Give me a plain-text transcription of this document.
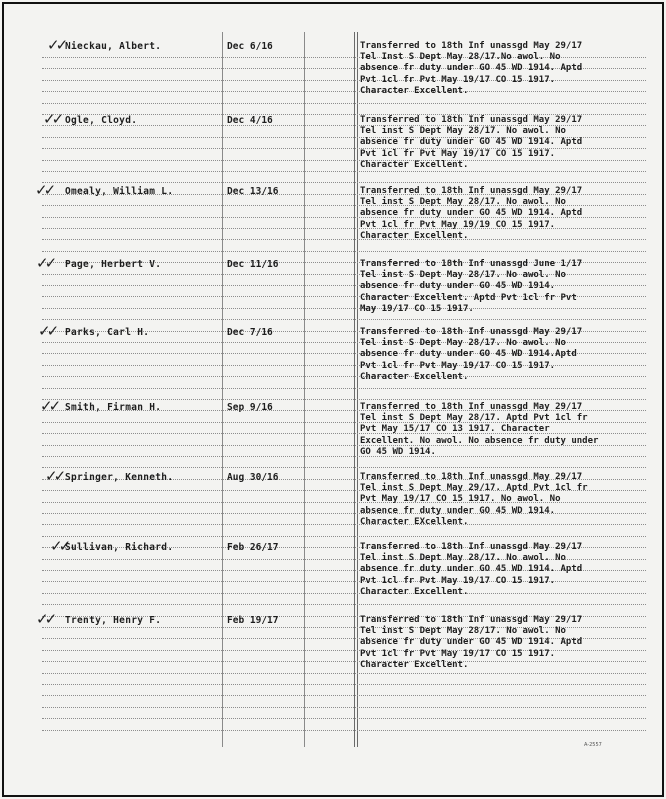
✓✓ Nieckau, Albert.	Dec 6/16	Transferred to 18th Inf unassgd May 29/17
Tel Inst S Dept May 28/17.No awol. No
absence fr duty under GO 45 WD 1914. Aptd
Pvt 1cl fr Pvt May 19/17 CO 15 1917.
Character Excellent.
✓✓ Ogle, Cloyd.	Dec 4/16	Transferred to 18th Inf unassgd May 29/17
Tel inst S Dept May 28/17. No awol. No
absence fr duty under GO 45 WD 1914. Aptd
Pvt 1cl fr Pvt May 19/17 CO 15 1917.
Character Excellent.
✓✓ Omealy, William L.	Dec 13/16	Transferred to 18th Inf unassgd May 29/17
Tel inst S Dept May 28/17. No awol. No
absence fr duty under GO 45 WD 1914. Aptd
Pvt 1cl fr Pvt May 19/19 CO 15 1917.
Character Excellent.
✓✓ Page, Herbert V.	Dec 11/16	Transferred to 18th Inf unassgd June 1/17
Tel inst S Dept May 28/17. No awol. No
absence fr duty under GO 45 WD 1914.
Character Excellent. Aptd Pvt 1cl fr Pvt
May 19/17 CO 15 1917.
✓✓ Parks, Carl H.	Dec 7/16	Transferred to 18th Inf unassgd May 29/17
Tel inst S Dept May 28/17. No awol. No
absence fr duty under GO 45 WD 1914.Aptd
Pvt 1cl fr Pvt May 19/17 CO 15 1917.
Character Excellent.
✓✓ Smith, Firman H.	Sep 9/16	Transferred to 18th Inf unassgd May 29/17
Tel inst S Dept May 28/17. Aptd Pvt 1cl fr
Pvt May 15/17 CO 13 1917. Character
Excellent. No awol. No absence fr duty under
GO 45 WD 1914.
✓✓ Springer, Kenneth.	Aug 30/16	Transferred to 18th Inf unassgd May 29/17
Tel inst S Dept May 29/17. Aptd Pvt 1cl fr
Pvt May 19/17 CO 15 1917. No awol. No
absence fr duty under GO 45 WD 1914.
Character EXcellent.
✓✓
Sullivan, Richard.	Feb 26/17	Transferred to 18th Inf unassgd May 29/17
Tel inst S Dept May 28/17. No awol. No
absence fr duty under GO 45 WD 1914. Aptd
Pvt 1cl fr Pvt May 19/17 CO 15 1917.
Character Excellent.
✓✓ Trenty, Henry F.	Feb 19/17	Transferred to 18th Inf unassgd May 29/17
Tel inst S Dept May 28/17. No awol. No
absence fr duty under GO 45 WD 1914. Aptd
Pvt 1cl fr Pvt May 19/17 CO 15 1917.
Character Excellent.
A-2557
